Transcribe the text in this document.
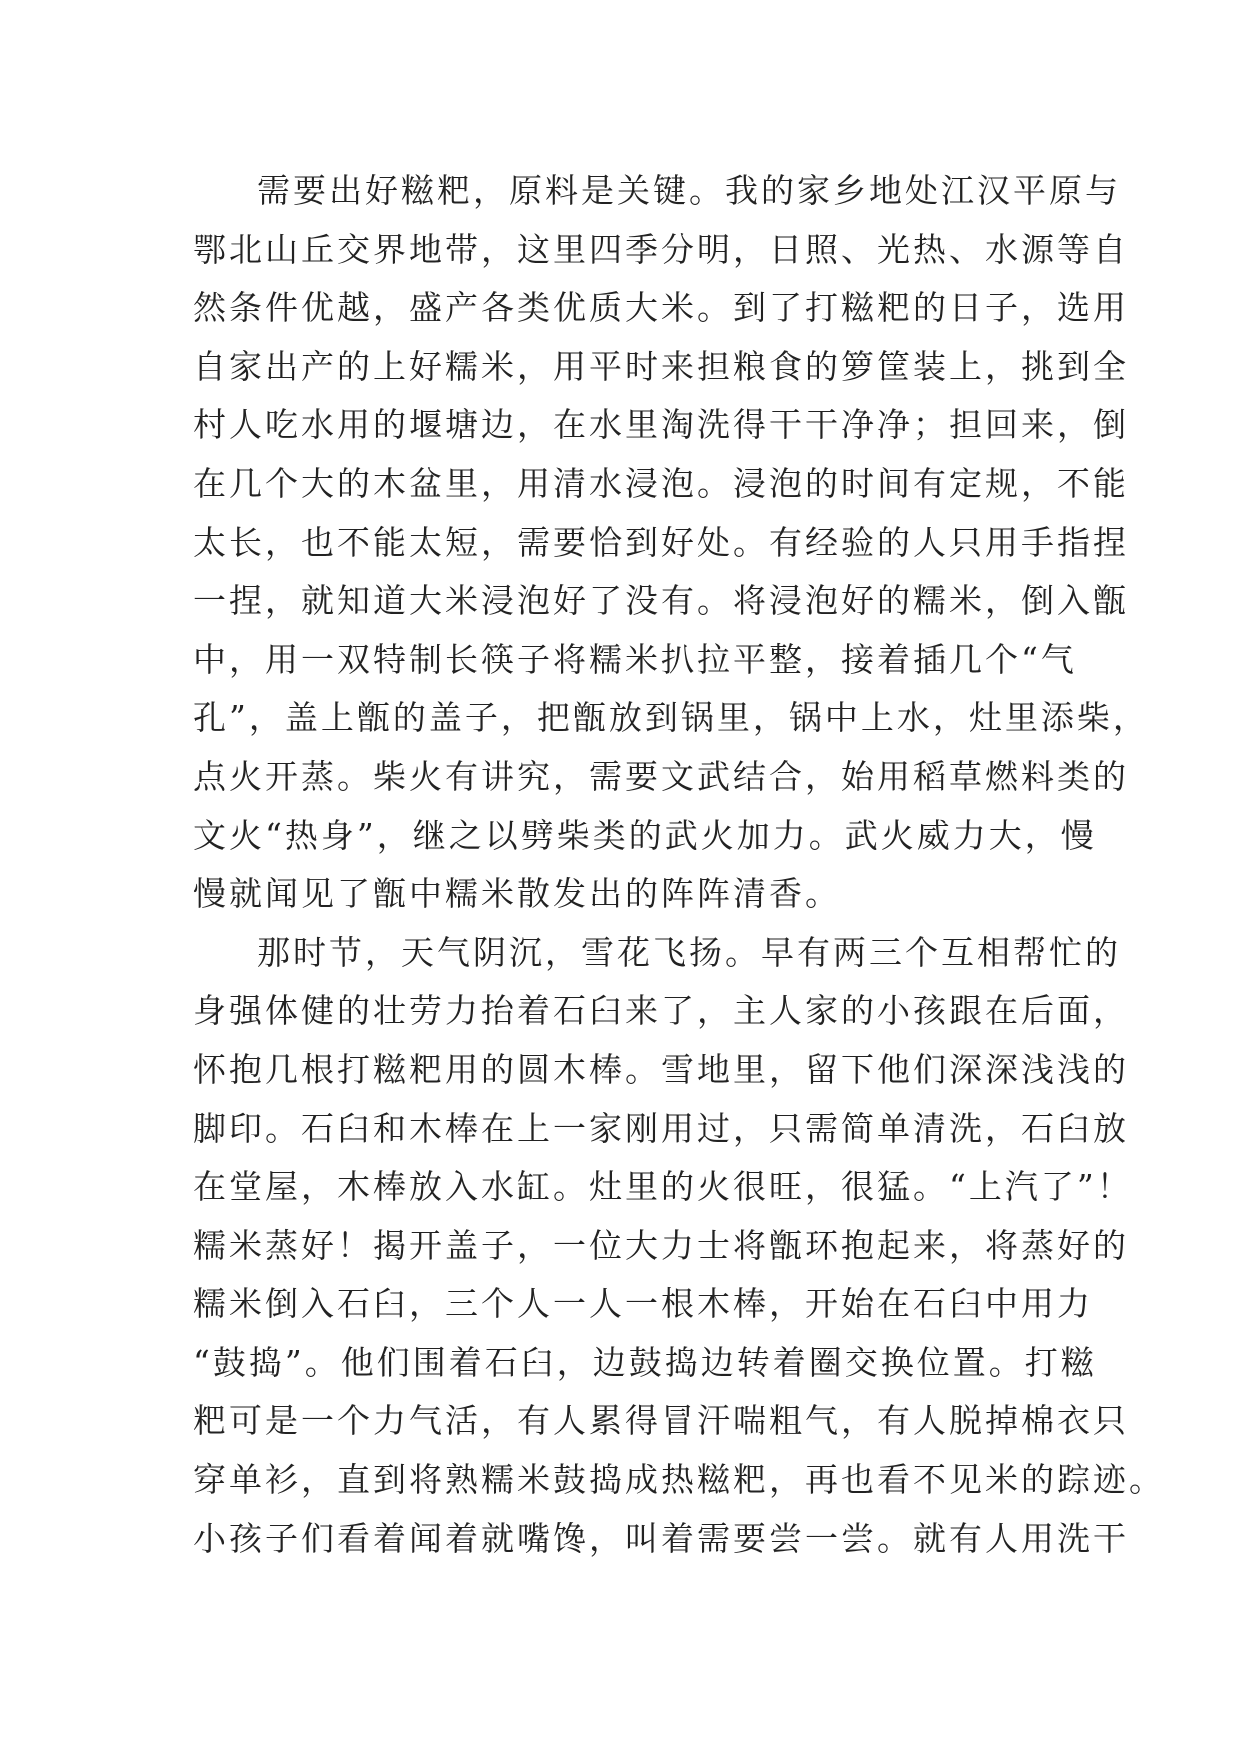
需要出好糍粑，原料是关键。我的家乡地处江汉平原与
鄂北山丘交界地带，这里四季分明，日照、光热、水源等自
然条件优越，盛产各类优质大米。到了打糍粑的日子，选用
自家出产的上好糯米，用平时来担粮食的箩筐装上，挑到全
村人吃水用的堰塘边，在水里淘洗得干干净净；担回来，倒
在几个大的木盆里，用清水浸泡。浸泡的时间有定规，不能
太长，也不能太短，需要恰到好处。有经验的人只用手指捏
一捏，就知道大米浸泡好了没有。将浸泡好的糯米，倒入甑
中，用一双特制长筷子将糯米扒拉平整，接着插几个“气
孔”，盖上甑的盖子，把甑放到锅里，锅中上水，灶里添柴，
点火开蒸。柴火有讲究，需要文武结合，始用稻草燃料类的
文火“热身”，继之以劈柴类的武火加力。武火威力大，慢
慢就闻见了甑中糯米散发出的阵阵清香。
那时节，天气阴沉，雪花飞扬。早有两三个互相帮忙的
身强体健的壮劳力抬着石臼来了，主人家的小孩跟在后面，
怀抱几根打糍粑用的圆木棒。雪地里，留下他们深深浅浅的
脚印。石臼和木棒在上一家刚用过，只需简单清洗，石臼放
在堂屋，木棒放入水缸。灶里的火很旺，很猛。“上汽了”！
糯米蒸好！揭开盖子，一位大力士将甑环抱起来，将蒸好的
糯米倒入石臼，三个人一人一根木棒，开始在石臼中用力
“鼓捣”。他们围着石臼，边鼓捣边转着圈交换位置。打糍
粑可是一个力气活，有人累得冒汗喘粗气，有人脱掉棉衣只
穿单衫，直到将熟糯米鼓捣成热糍粑，再也看不见米的踪迹。
小孩子们看着闻着就嘴馋，叫着需要尝一尝。就有人用洗干
